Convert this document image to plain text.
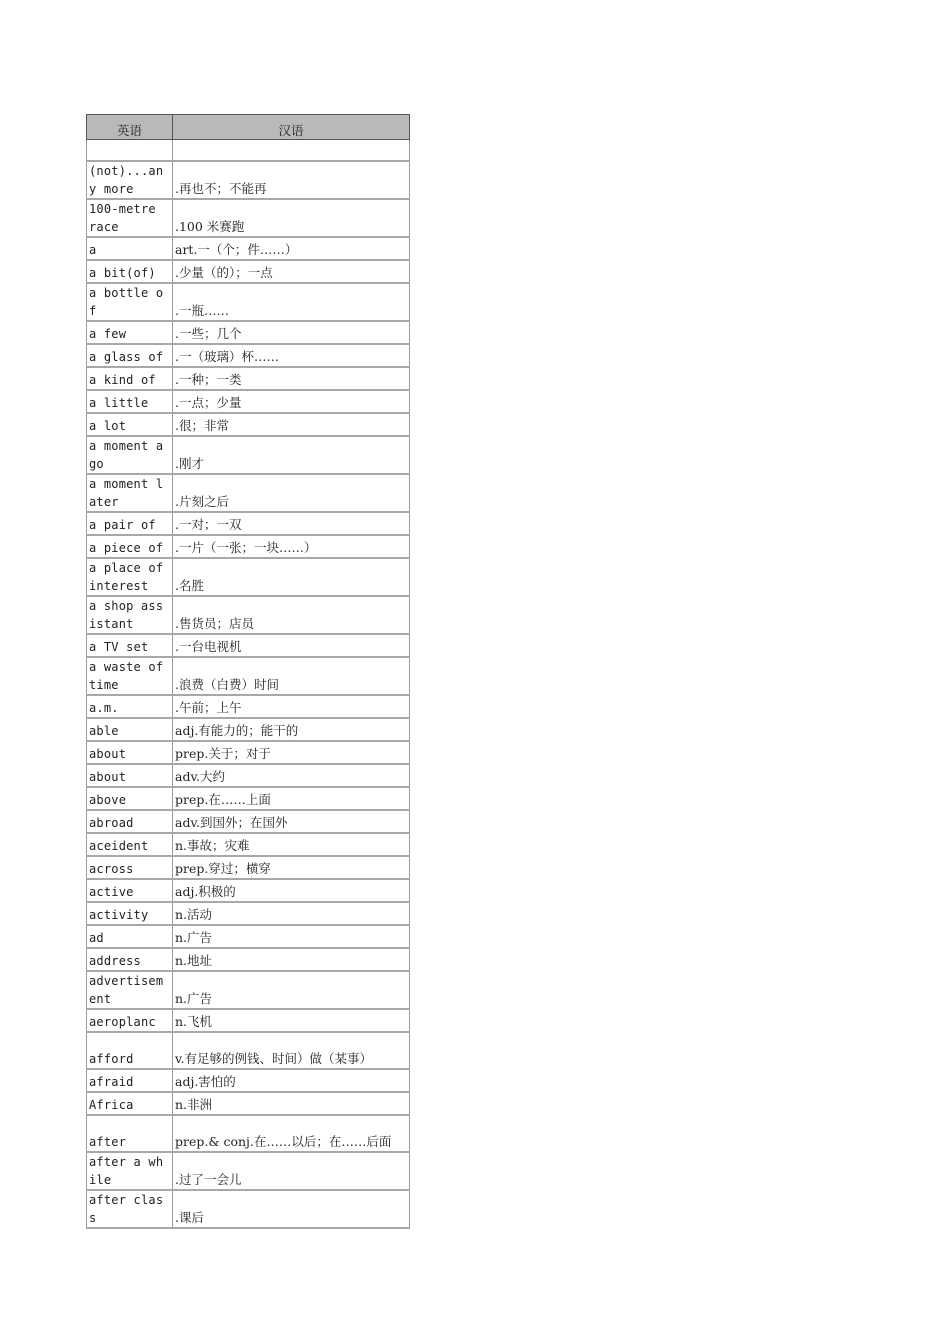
英语	汉语

(not)...any more	.再也不；不能再
100-metre race	.100 米赛跑
a	art.一（个；件……）
a bit(of)	.少量（的）；一点
a bottle of	.一瓶……
a few	.一些；几个
a glass of	.一（玻璃）杯……
a kind of	.一种；一类
a little	.一点；少量
a lot	.很；非常
a moment ago	.刚才
a moment later	.片刻之后
a pair of	.一对；一双
a piece of	.一片（一张；一块……）
a place of interest	.名胜
a shop assistant	.售货员；店员
a TV set	.一台电视机
a waste of time	.浪费（白费）时间
a.m.	.午前；上午
able	adj.有能力的；能干的
about	prep.关于；对于
about	adv.大约
above	prep.在……上面
abroad	adv.到国外；在国外
aceident	n.事故；灾难
across	prep.穿过；横穿
active	adj.积极的
activity	n.活动
ad	n.广告
address	n.地址
advertisement	n.广告
aeroplanc	n.飞机
afford	v.有足够的例钱、时间）做（某事）
afraid	adj.害怕的
Africa	n.非洲
after	prep.& conj.在……以后；在……后面
after a while	.过了一会儿
after class	.课后
